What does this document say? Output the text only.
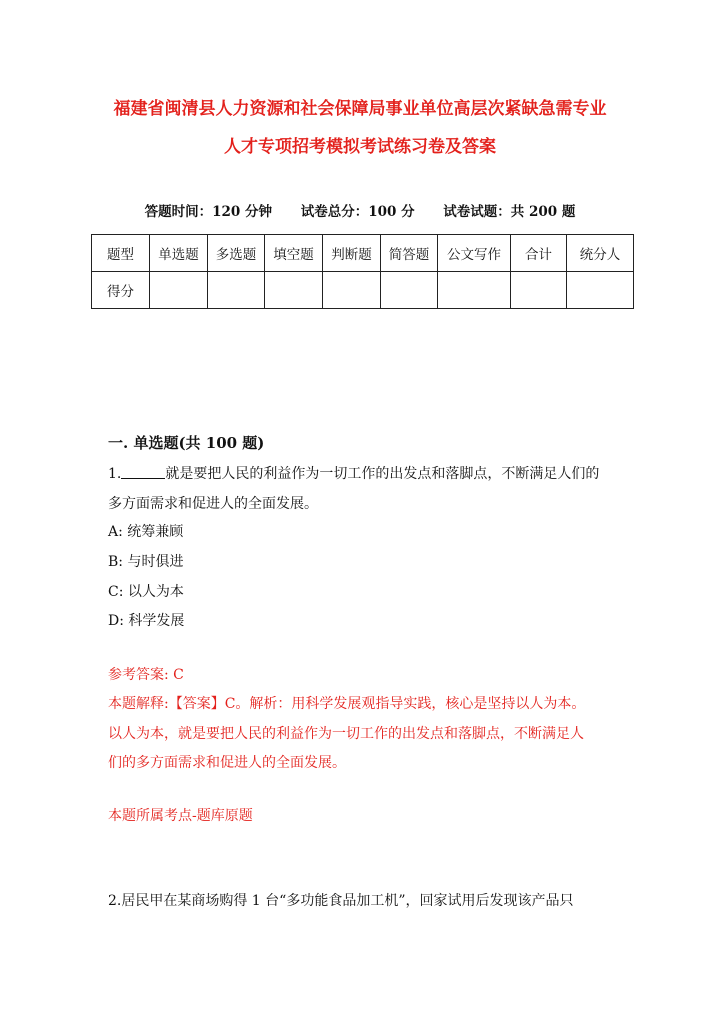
福建省闽清县人力资源和社会保障局事业单位高层次紧缺急需专业
人才专项招考模拟考试练习卷及答案
答题时间：120 分钟 试卷总分：100 分 试卷试题：共 200 题
题型	单选题	多选题	填空题	判断题	简答题	公文写作	合计	统分人
得分								
一. 单选题(共 100 题)
1.	就是要把人民的利益作为一切工作的出发点和落脚点，不断满足人们的
多方面需求和促进人的全面发展。
A: 统筹兼顾
B: 与时俱进
C: 以人为本
D: 科学发展
参考答案: C
本题解释:【答案】C。解析：用科学发展观指导实践，核心是坚持以人为本。
以人为本，就是要把人民的利益作为一切工作的出发点和落脚点，不断满足人
们的多方面需求和促进人的全面发展。
本题所属考点-题库原题
2.居民甲在某商场购得 1 台“多功能食品加工机”，回家试用后发现该产品只
